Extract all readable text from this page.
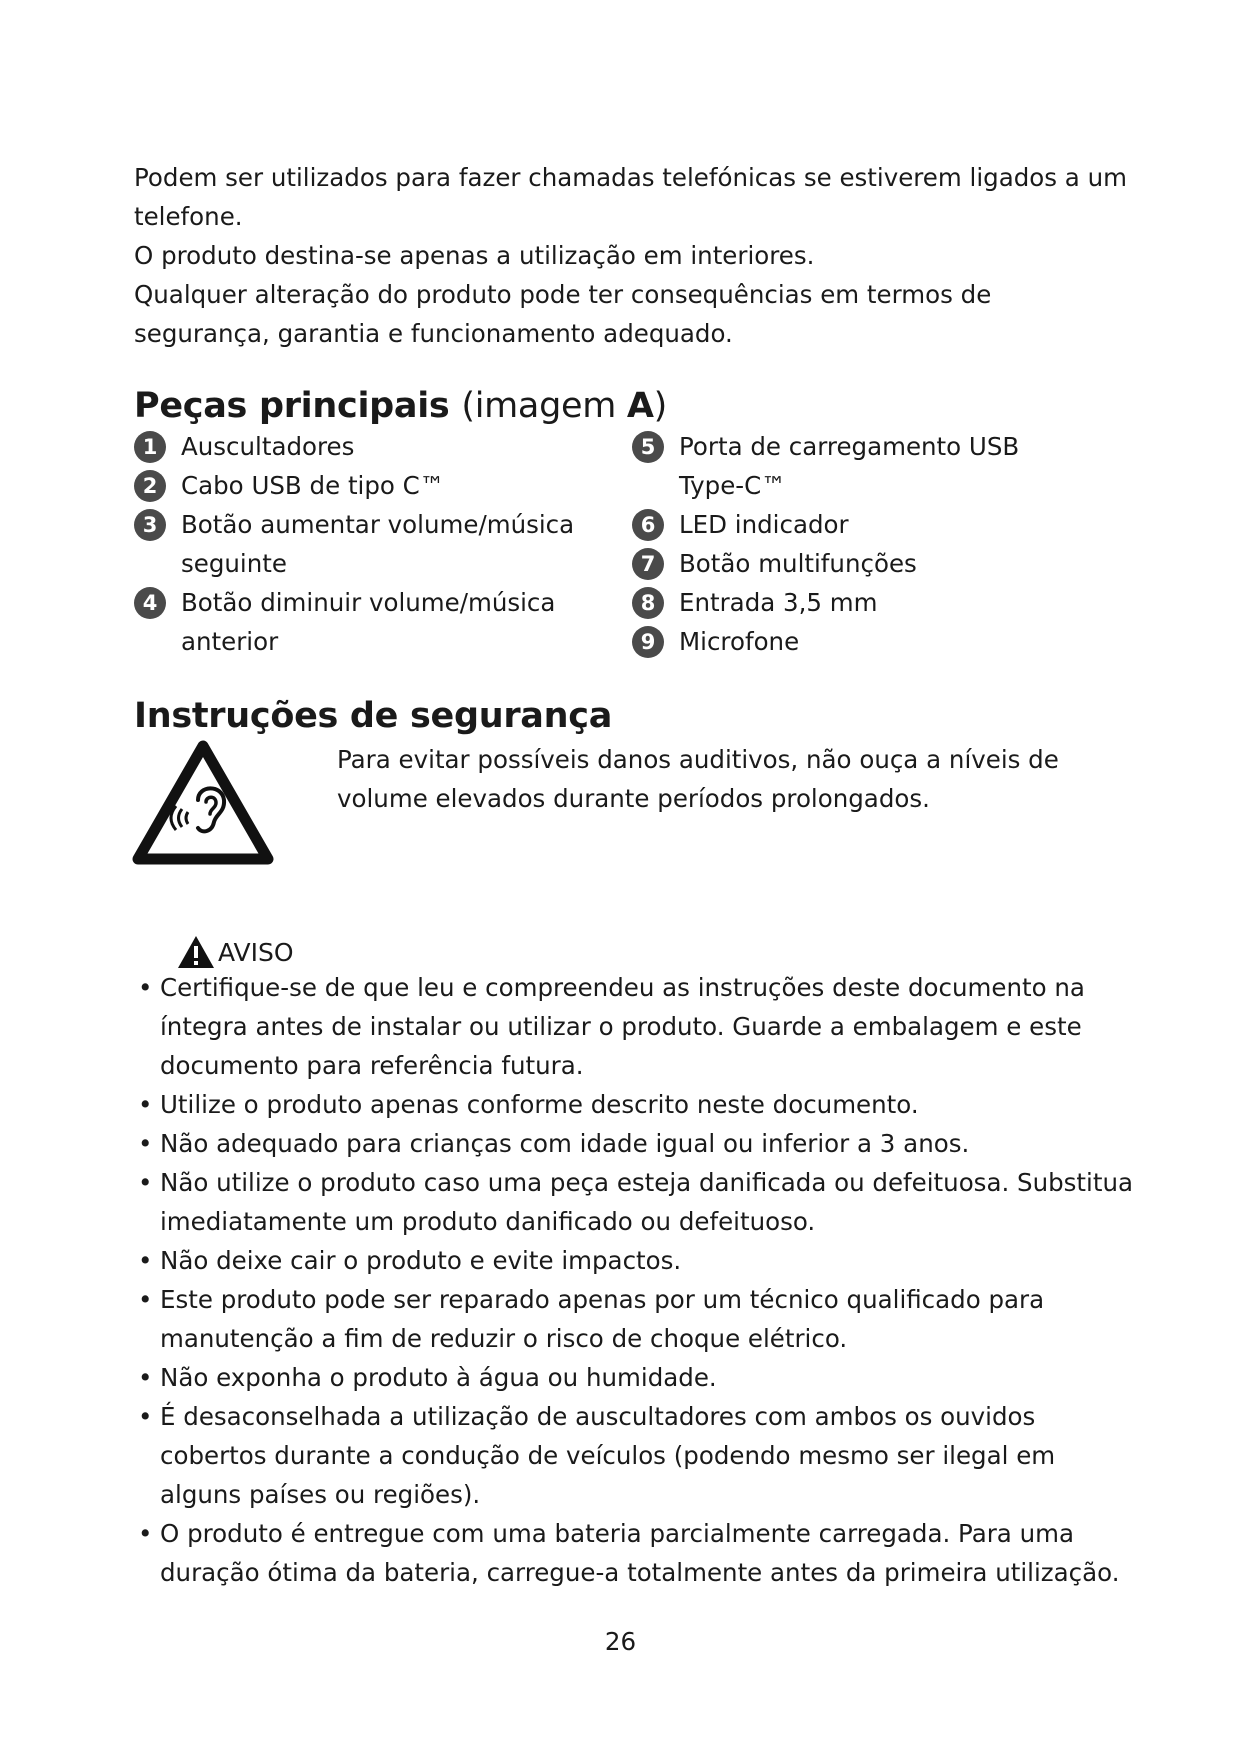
Podem ser utilizados para fazer chamadas telefónicas se estiverem ligados a um telefone.

O produto destina-se apenas a utilização em interiores.

Qualquer alteração do produto pode ter consequências em termos de segurança, garantia e funcionamento adequado.

Peças principais (imagem A)
1 Auscultadores
2 Cabo USB de tipo C™
3 Botão aumentar volume/música seguinte
4 Botão diminuir volume/música anterior
5 Porta de carregamento USB Type-C™
6 LED indicador
7 Botão multifunções
8 Entrada 3,5 mm
9 Microfone
Instruções de segurança
Para evitar possíveis danos auditivos, não ouça a níveis de volume elevados durante períodos prolongados.
AVISO
• Certifique-se de que leu e compreendeu as instruções deste documento na íntegra antes de instalar ou utilizar o produto. Guarde a embalagem e este documento para referência futura.
• Utilize o produto apenas conforme descrito neste documento.
• Não adequado para crianças com idade igual ou inferior a 3 anos.
• Não utilize o produto caso uma peça esteja danificada ou defeituosa. Substitua imediatamente um produto danificado ou defeituoso.
• Não deixe cair o produto e evite impactos.
• Este produto pode ser reparado apenas por um técnico qualificado para manutenção a fim de reduzir o risco de choque elétrico.
• Não exponha o produto à água ou humidade.
• É desaconselhada a utilização de auscultadores com ambos os ouvidos cobertos durante a condução de veículos (podendo mesmo ser ilegal em alguns países ou regiões).
• O produto é entregue com uma bateria parcialmente carregada. Para uma duração ótima da bateria, carregue-a totalmente antes da primeira utilização.
26
